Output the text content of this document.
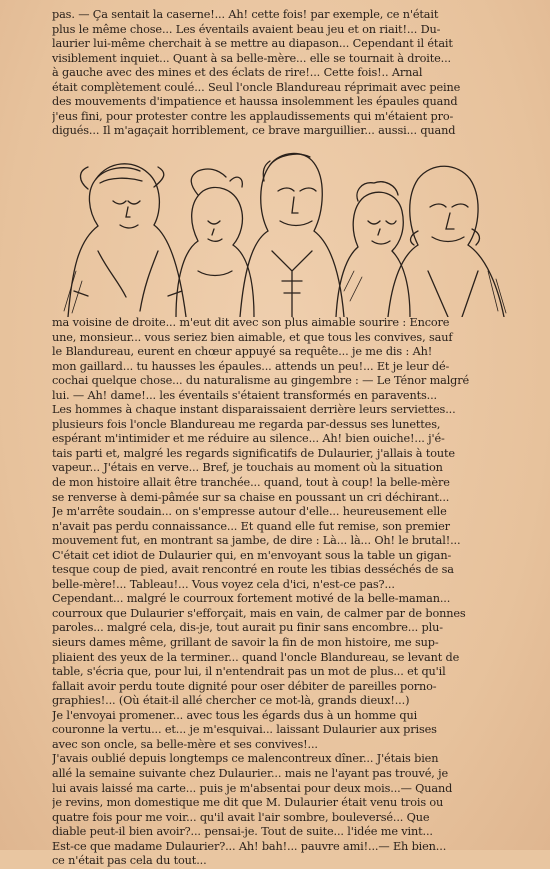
pas. — Ça sentait la caserne!... Ah! cette fois! par exemple, ce n'était
plus le même chose... Les éventails avaient beau jeu et on riait!... Du-
laurier lui-même cherchait à se mettre au diapason... Cependant il était
visiblement inquiet... Quant à sa belle-mère... elle se tournait à droite...
à gauche avec des mines et des éclats de rire!... Cette fois!.. Arnal
était complètement coulé... Seul l'oncle Blandureau réprimait avec peine
des mouvements d'impatience et haussa insolemment les épaules quand
j'eus fini, pour protester contre les applaudissements qui m'étaient pro-
digués... Il m'agaçait horriblement, ce brave marguillier... aussi... quand
ma voisine de droite... m'eut dit avec son plus aimable sourire : Encore
une, monsieur... vous seriez bien aimable, et que tous les convives, sauf
le Blandureau, eurent en chœur appuyé sa requête... je me dis : Ah!
mon gaillard... tu hausses les épaules... attends un peu!... Et je leur dé-
cochai quelque chose... du naturalisme au gingembre : — Le Ténor malgré
lui. — Ah! dame!... les éventails s'étaient transformés en paravents...
Les hommes à chaque instant disparaissaient derrière leurs serviettes...
plusieurs fois l'oncle Blandureau me regarda par-dessus ses lunettes,
espérant m'intimider et me réduire au silence... Ah! bien ouiche!... j'é-
tais parti et, malgré les regards significatifs de Dulaurier, j'allais à toute
vapeur... J'étais en verve... Bref, je touchais au moment où la situation
de mon histoire allait être tranchée... quand, tout à coup! la belle-mère
se renverse à demi-pâmée sur sa chaise en poussant un cri déchirant...
Je m'arrête soudain... on s'empresse autour d'elle... heureusement elle
n'avait pas perdu connaissance... Et quand elle fut remise, son premier
mouvement fut, en montrant sa jambe, de dire : Là... là... Oh! le brutal!...
C'était cet idiot de Dulaurier qui, en m'envoyant sous la table un gigan-
tesque coup de pied, avait rencontré en route les tibias desséchés de sa
belle-mère!... Tableau!... Vous voyez cela d'ici, n'est-ce pas?...
Cependant... malgré le courroux fortement motivé de la belle-maman...
courroux que Dulaurier s'efforçait, mais en vain, de calmer par de bonnes
paroles... malgré cela, dis-je, tout aurait pu finir sans encombre... plu-
sieurs dames même, grillant de savoir la fin de mon histoire, me sup-
pliaient des yeux de la terminer... quand l'oncle Blandureau, se levant de
table, s'écria que, pour lui, il n'entendrait pas un mot de plus... et qu'il
fallait avoir perdu toute dignité pour oser débiter de pareilles porno-
graphies!... (Où était-il allé chercher ce mot-là, grands dieux!...)
Je l'envoyai promener... avec tous les égards dus à un homme qui
couronne la vertu... et... je m'esquivai... laissant Dulaurier aux prises
avec son oncle, sa belle-mère et ses convives!...
J'avais oublié depuis longtemps ce malencontreux dîner... J'étais bien
allé la semaine suivante chez Dulaurier... mais ne l'ayant pas trouvé, je
lui avais laissé ma carte... puis je m'absentai pour deux mois...— Quand
je revins, mon domestique me dit que M. Dulaurier était venu trois ou
quatre fois pour me voir... qu'il avait l'air sombre, bouleversé... Que
diable peut-il bien avoir?... pensai-je. Tout de suite... l'idée me vint...
Est-ce que madame Dulaurier?... Ah! bah!... pauvre ami!...— Eh bien...
ce n'était pas cela du tout...
